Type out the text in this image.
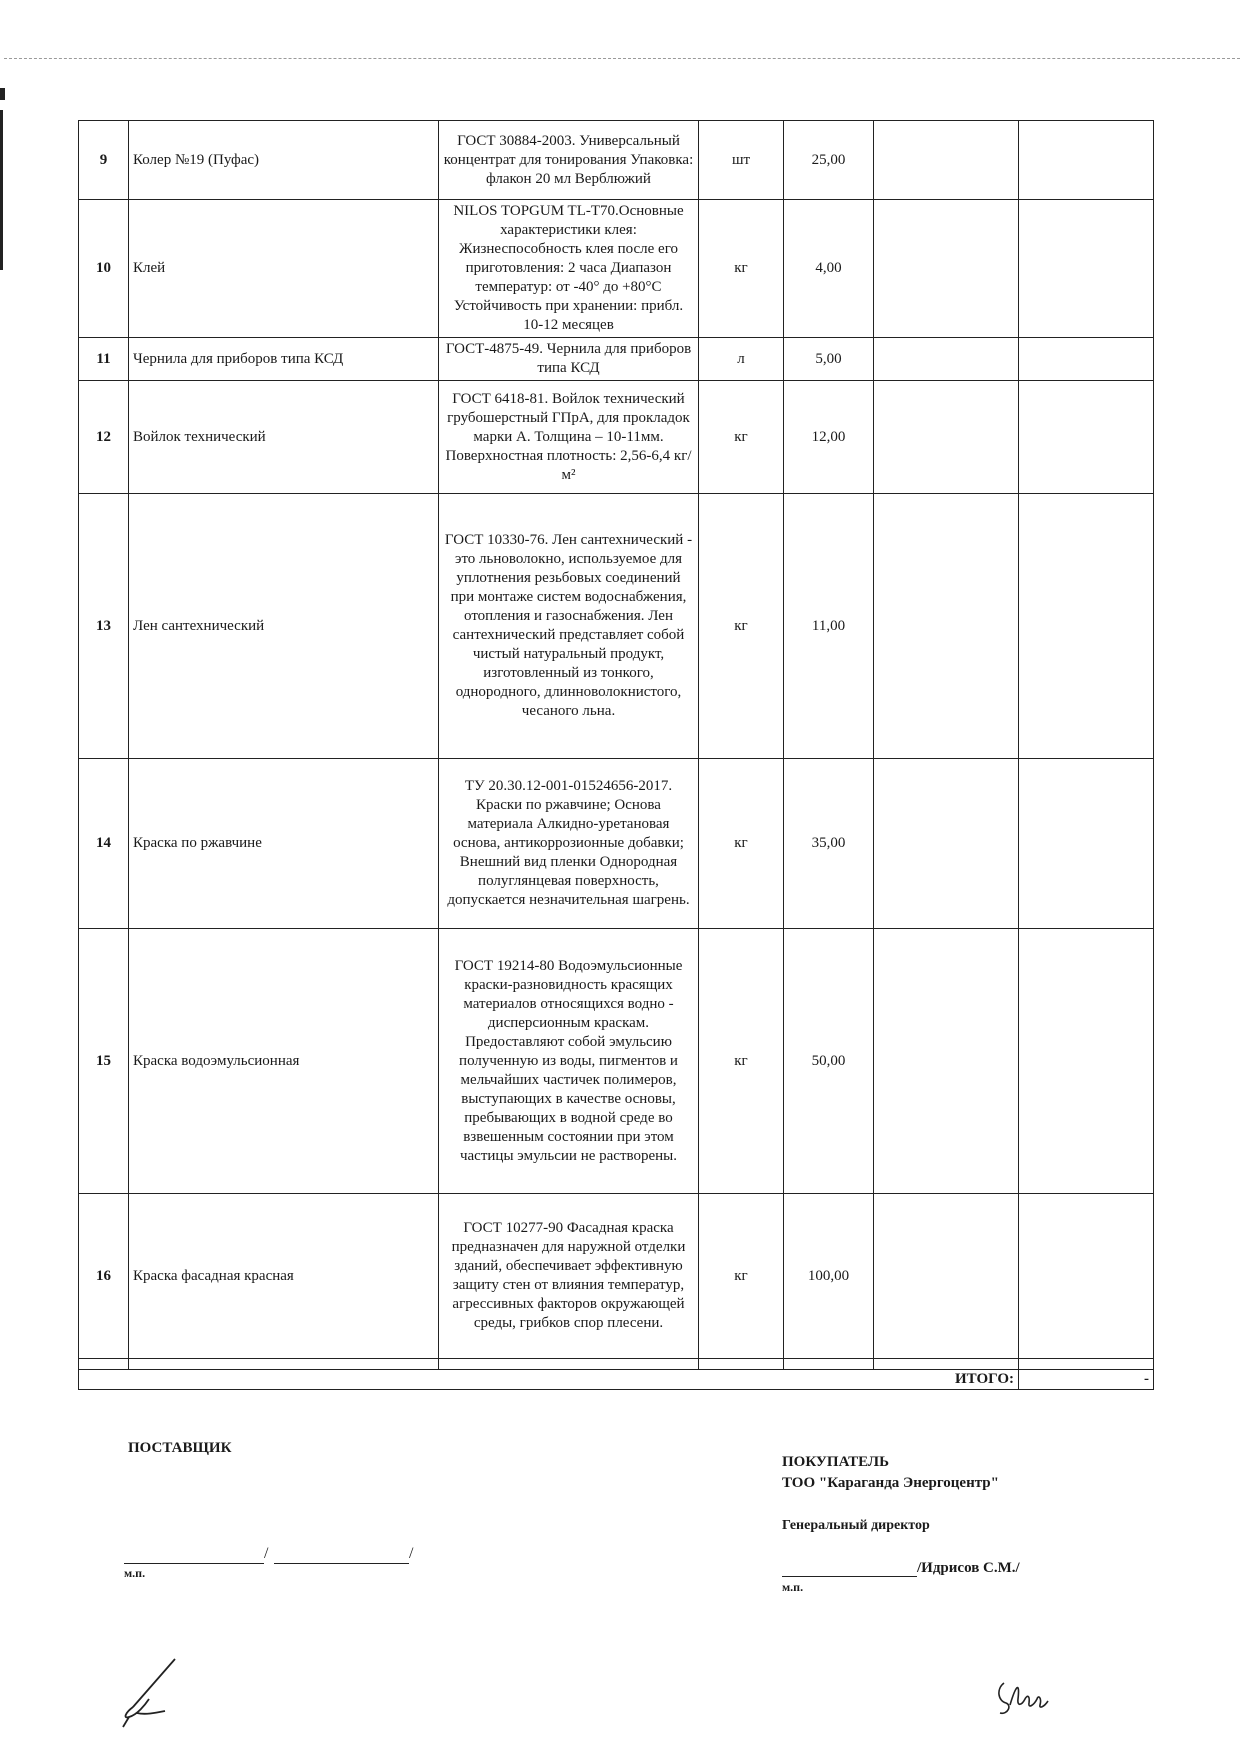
9	Колер №19 (Пуфас)	ГОСТ 30884-2003. Универсальный концентрат для тонирования Упаковка: флакон 20 мл Верблюжий	шт	25,00		
10	Клей	NILOS TOPGUM TL-T70.Основные характеристики клея: Жизнеспособность клея после его приготовления: 2 часа Диапазон температур: от -40° до +80°С Устойчивость при хранении: прибл. 10-12 месяцев	кг	4,00		
11	Чернила для приборов типа КСД	ГОСТ-4875-49. Чернила для приборов типа КСД	л	5,00		
12	Войлок технический	ГОСТ 6418-81. Войлок технический грубошерстный ГПрА, для прокладок марки А. Толщина – 10-11мм. Поверхностная плотность: 2,56-6,4 кг/м²	кг	12,00		
13	Лен сантехнический	ГОСТ 10330-76. Лен сантехнический - это льноволокно, используемое для уплотнения резьбовых соединений при монтаже систем водоснабжения, отопления и газоснабжения. Лен сантехнический представляет собой чистый натуральный продукт, изготовленный из тонкого, однородного, длинноволокнистого, чесаного льна.	кг	11,00		
14	Краска по ржавчине	ТУ 20.30.12-001-01524656-2017. Краски по ржавчине; Основа материала Алкидно-уретановая основа, антикоррозионные добавки; Внешний вид пленки Однородная полуглянцевая поверхность, допускается незначительная шагрень.	кг	35,00		
15	Краска водоэмульсионная	ГОСТ 19214-80 Водоэмульсионные краски-разновидность красящих материалов относящихся водно - дисперсионным краскам. Предоставляют собой эмульсию полученную из воды, пигментов и мельчайших частичек полимеров, выступающих в качестве основы, пребывающих в водной среде во взвешенным состоянии при этом частицы эмульсии не растворены.	кг	50,00		
16	Краска фасадная красная	ГОСТ 10277-90 Фасадная краска предназначен для наружной отделки зданий, обеспечивает эффективную защиту стен от влияния температур, агрессивных факторов окружающей среды, грибков спор плесени.	кг	100,00		

					ИТОГО:	-
ПОСТАВЩИК
/	/
м.п.
ПОКУПАТЕЛЬ
ТОО "Караганда Энергоцентр"
Генеральный директор
/Идрисов С.М./
м.п.
